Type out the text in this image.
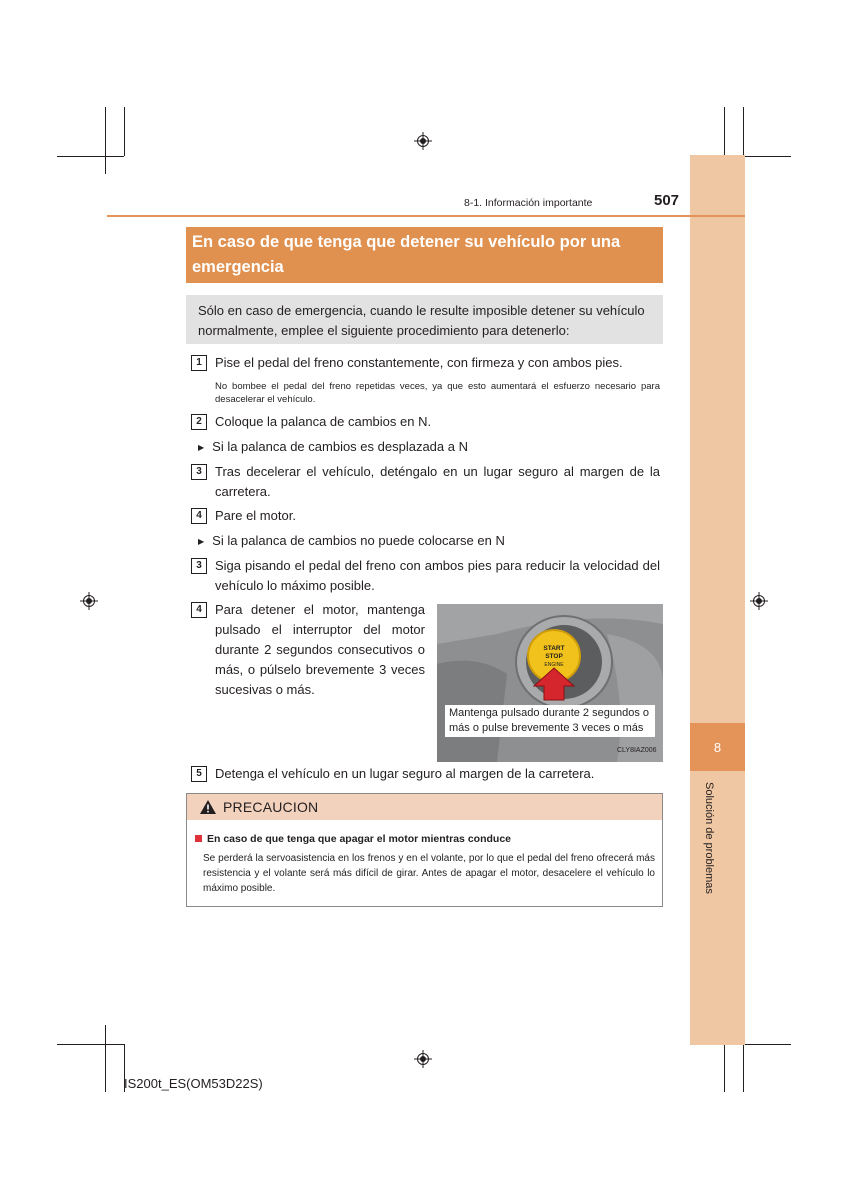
8
Solución de problemas
8-1. Información importante	507
En caso de que tenga que detener su vehículo por una emergencia
Sólo en caso de emergencia, cuando le resulte imposible detener su vehículo normalmente, emplee el siguiente procedimiento para detenerlo:
1	Pise el pedal del freno constantemente, con firmeza y con ambos pies.
No bombee el pedal del freno repetidas veces, ya que esto aumentará el esfuerzo necesario para desacelerar el vehículo.
2	Coloque la palanca de cambios en N.
▶ Si la palanca de cambios es desplazada a N
3	Tras decelerar el vehículo, deténgalo en un lugar seguro al margen de la carretera.
4	Pare el motor.
▶ Si la palanca de cambios no puede colocarse en N
3	Siga pisando el pedal del freno con ambos pies para reducir la velocidad del vehículo lo máximo posible.
4	Para detener el motor, mantenga pulsado el interruptor del motor durante 2 segundos consecutivos o más, o púlselo brevemente 3 veces sucesivas o más.
START
STOP
ENGINE
Mantenga pulsado durante 2 segundos o más o pulse brevemente 3 veces o más
CLY8IAZ006
5	Detenga el vehículo en un lugar seguro al margen de la carretera.
PRECAUCION
En caso de que tenga que apagar el motor mientras conduce
Se perderá la servoasistencia en los frenos y en el volante, por lo que el pedal del freno ofrecerá más resistencia y el volante será más difícil de girar. Antes de apagar el motor, desacelere el vehículo lo máximo posible.
IS200t_ES(OM53D22S)
